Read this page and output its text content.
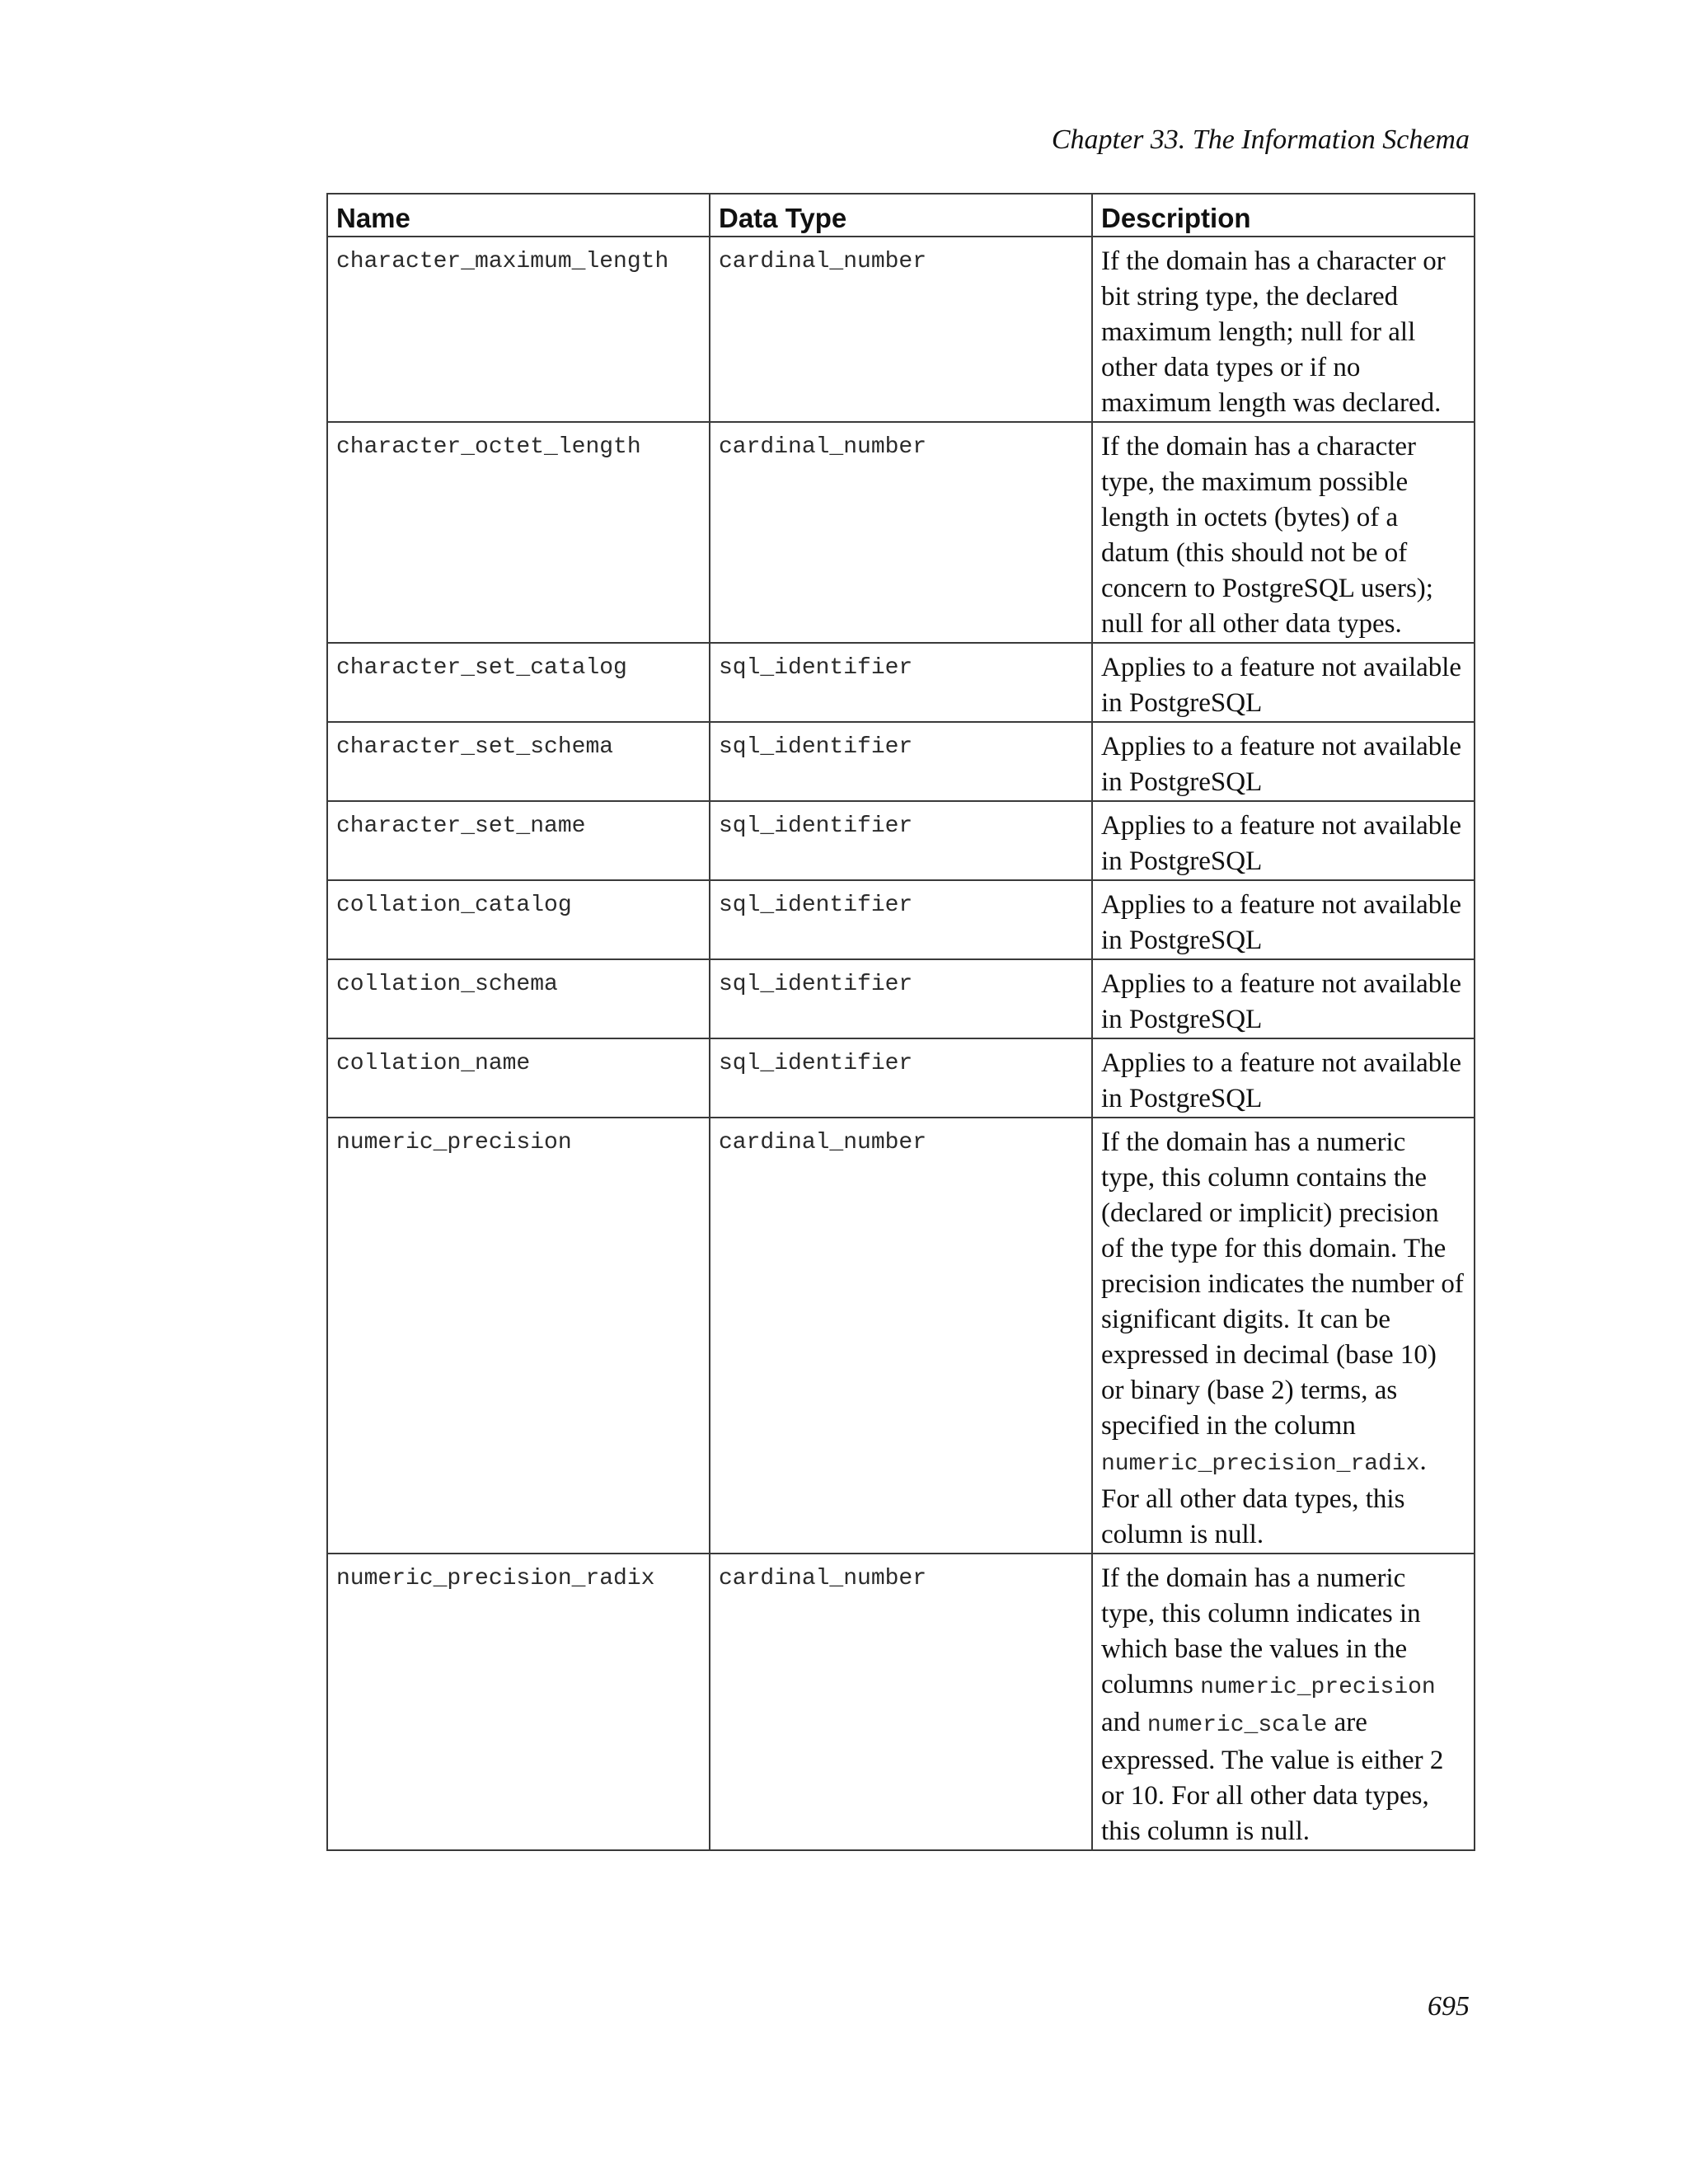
Chapter 33. The Information Schema
Name	Data Type	Description
character_maximum_length	cardinal_number	If the domain has a character or bit string type, the declared maximum length; null for all other data types or if no maximum length was declared.
character_octet_length	cardinal_number	If the domain has a character type, the maximum possible length in octets (bytes) of a datum (this should not be of concern to PostgreSQL users); null for all other data types.
character_set_catalog	sql_identifier	Applies to a feature not available in PostgreSQL
character_set_schema	sql_identifier	Applies to a feature not available in PostgreSQL
character_set_name	sql_identifier	Applies to a feature not available in PostgreSQL
collation_catalog	sql_identifier	Applies to a feature not available in PostgreSQL
collation_schema	sql_identifier	Applies to a feature not available in PostgreSQL
collation_name	sql_identifier	Applies to a feature not available in PostgreSQL
numeric_precision	cardinal_number	If the domain has a numeric type, this column contains the (declared or implicit) precision of the type for this domain. The precision indicates the number of significant digits. It can be expressed in decimal (base 10) or binary (base 2) terms, as specified in the column numeric_precision_radix. For all other data types, this column is null.
numeric_precision_radix	cardinal_number	If the domain has a numeric type, this column indicates in which base the values in the columns numeric_precision and numeric_scale are expressed. The value is either 2 or 10. For all other data types, this column is null.
695
